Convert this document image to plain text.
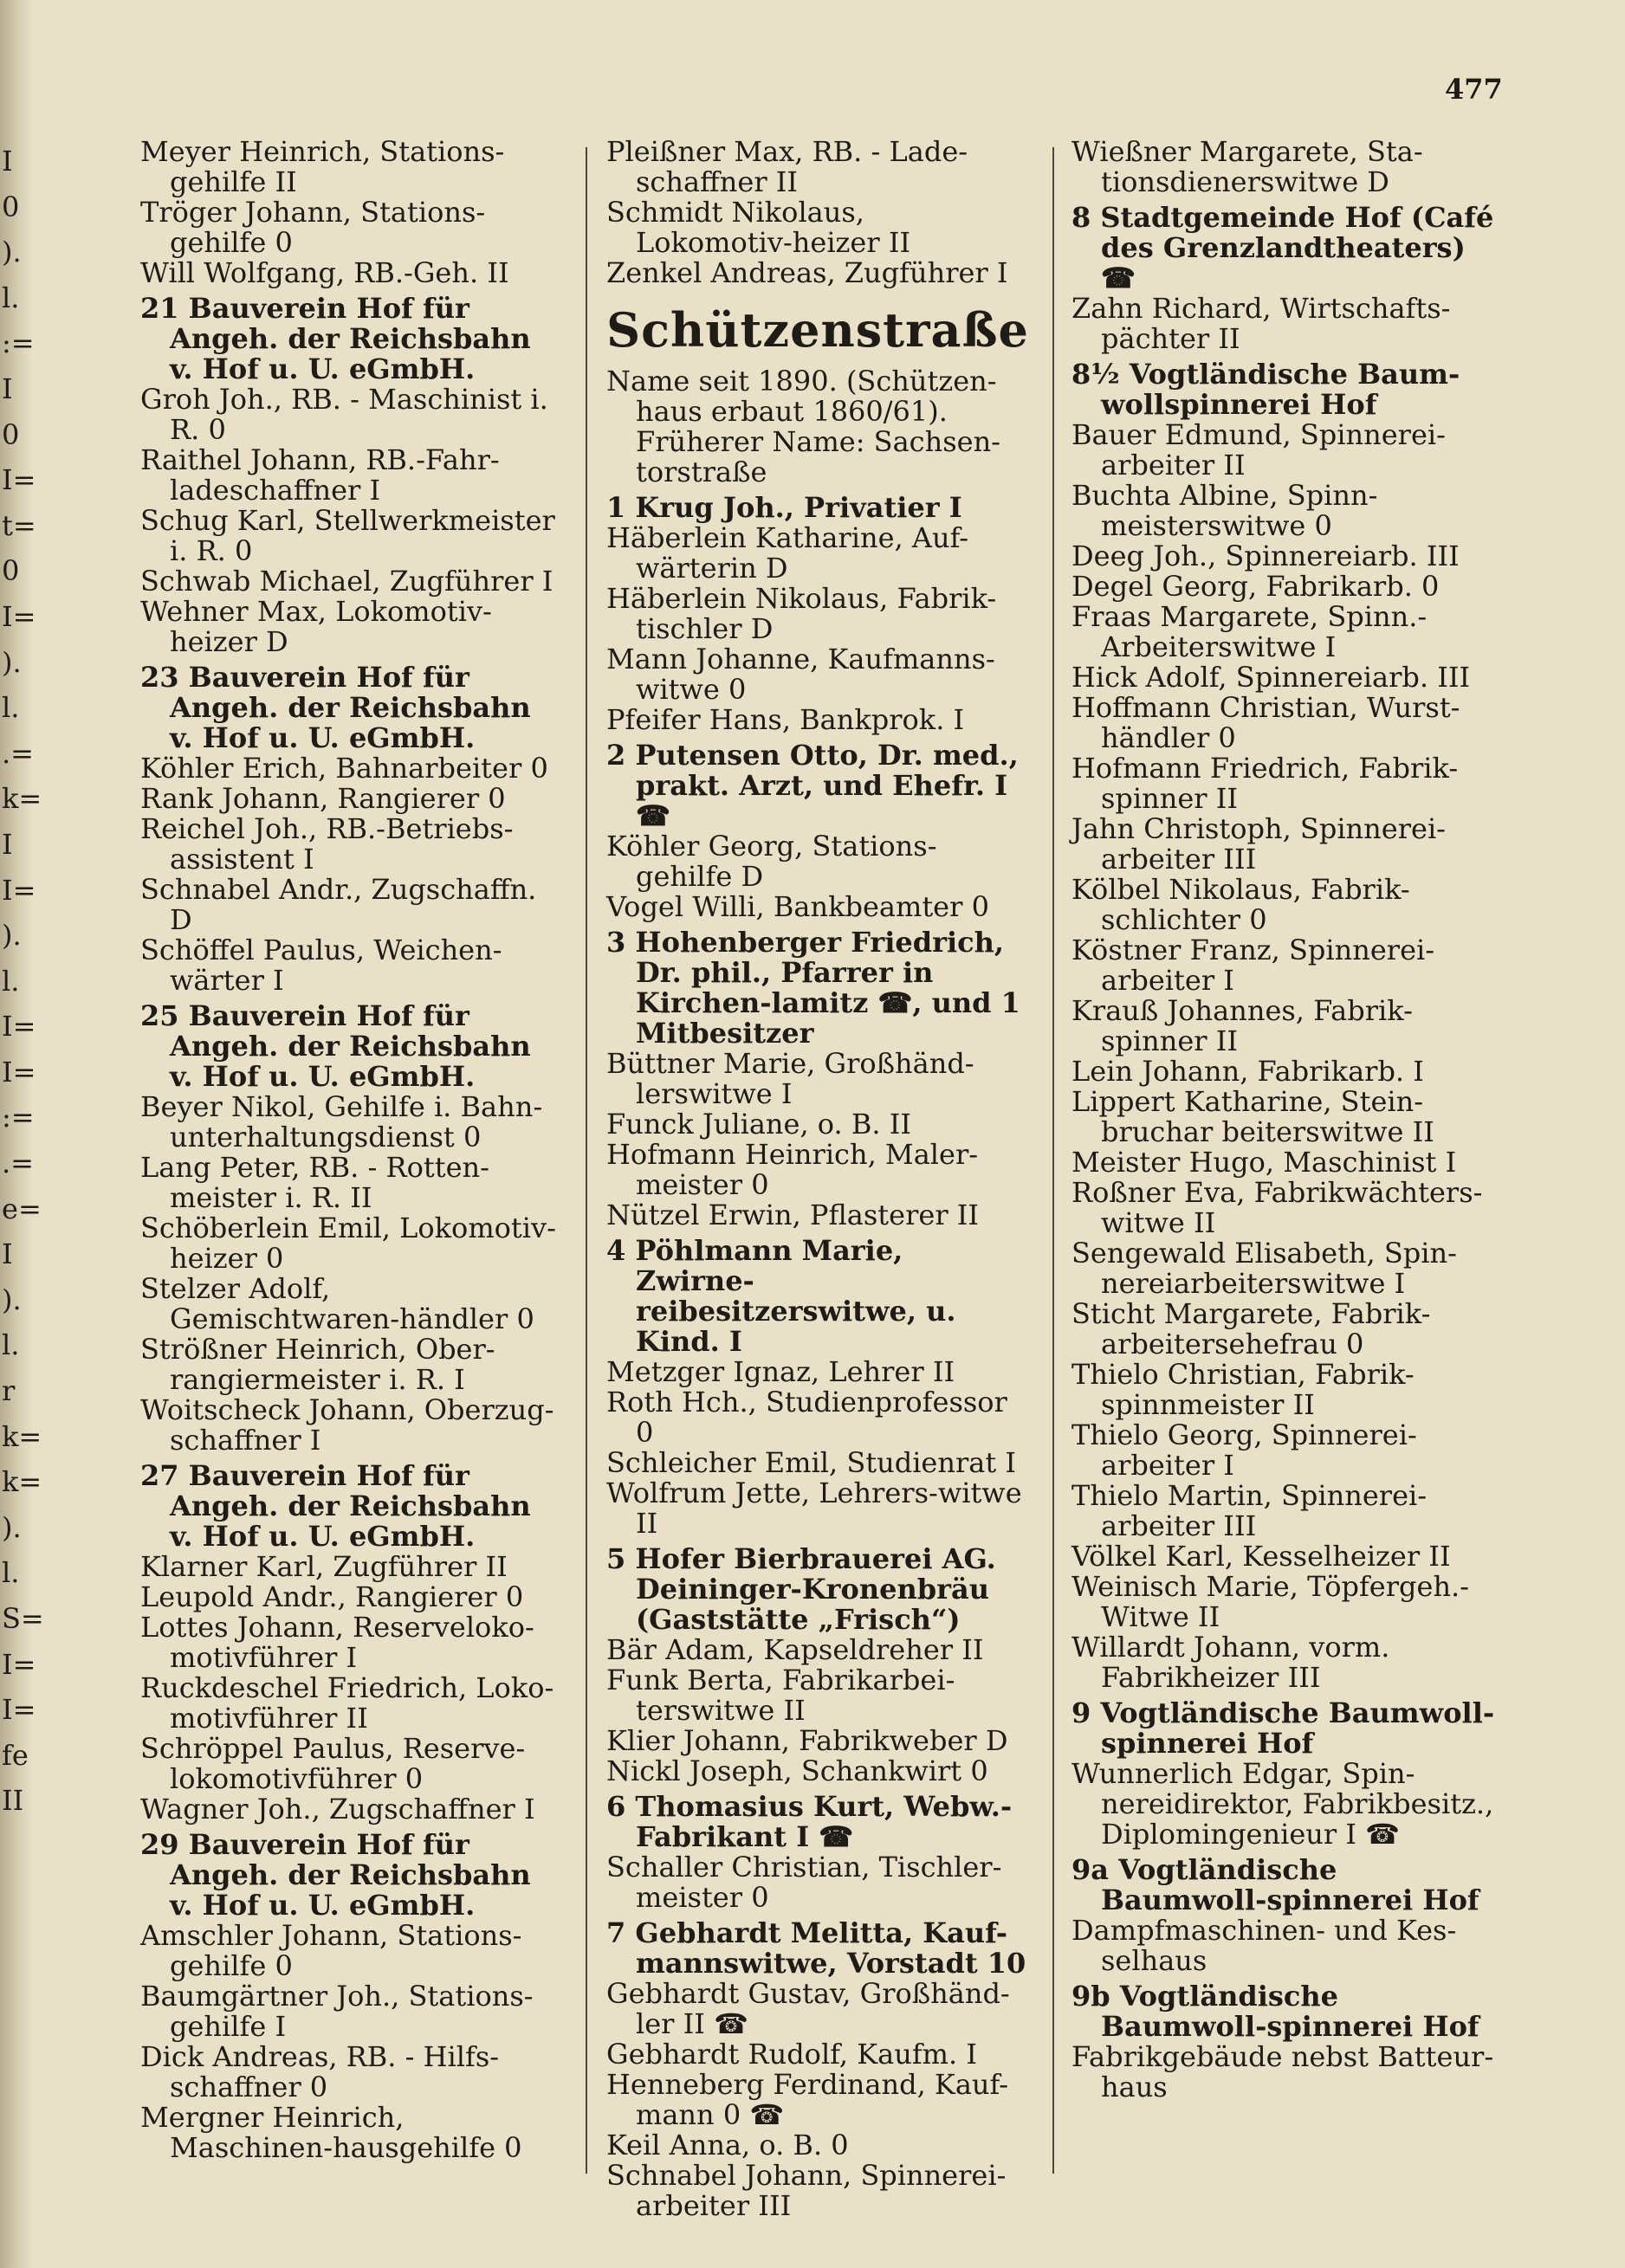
I
0
).
l.
:=
I
0
I=
t=
0
I=
).
l.
.=
k=
I
I=
).
l.
I=
I=
:=
.=
e=
I
).
l.
r
k=
k=
).
l.
S=
I=
I=
fe
II
477
Meyer Heinrich, Stations-gehilfe II
Tröger Johann, Stations-gehilfe 0
Will Wolfgang, RB.-Geh. II
21 Bauverein Hof für Angeh. der Reichsbahn v. Hof u. U. eGmbH.
Groh Joh., RB. - Maschinist i. R. 0
Raithel Johann, RB.-Fahr-ladeschaffner I
Schug Karl, Stellwerkmeister i. R. 0
Schwab Michael, Zugführer I
Wehner Max, Lokomotiv-heizer D
23 Bauverein Hof für Angeh. der Reichsbahn v. Hof u. U. eGmbH.
Köhler Erich, Bahnarbeiter 0
Rank Johann, Rangierer 0
Reichel Joh., RB.-Betriebs-assistent I
Schnabel Andr., Zugschaffn. D
Schöffel Paulus, Weichen-wärter I
25 Bauverein Hof für Angeh. der Reichsbahn v. Hof u. U. eGmbH.
Beyer Nikol, Gehilfe i. Bahn-unterhaltungsdienst 0
Lang Peter, RB. - Rotten-meister i. R. II
Schöberlein Emil, Lokomotiv-heizer 0
Stelzer Adolf, Gemischtwaren-händler 0
Strößner Heinrich, Ober-rangiermeister i. R. I
Woitscheck Johann, Oberzug-schaffner I
27 Bauverein Hof für Angeh. der Reichsbahn v. Hof u. U. eGmbH.
Klarner Karl, Zugführer II
Leupold Andr., Rangierer 0
Lottes Johann, Reservelokо-motivführer I
Ruckdeschel Friedrich, Loko-motivführer II
Schröppel Paulus, Reserve-lokomotivführer 0
Wagner Joh., Zugschaffner I
29 Bauverein Hof für Angeh. der Reichsbahn v. Hof u. U. eGmbH.
Amschler Johann, Stations-gehilfe 0
Baumgärtner Joh., Stations-gehilfe I
Dick Andreas, RB. - Hilfs-schaffner 0
Mergner Heinrich, Maschinen-hausgehilfe 0
Pleißner Max, RB. - Lade-schaffner II
Schmidt Nikolaus, Lokomotiv-heizer II
Zenkel Andreas, Zugführer I
Schützenstraße
Name seit 1890. (Schützen-haus erbaut 1860/61). Früherer Name: Sachsen-torstraße
1 Krug Joh., Privatier I
Häberlein Katharine, Auf-wärterin D
Häberlein Nikolaus, Fabrik-tischler D
Mann Johanne, Kaufmanns-witwe 0
Pfeifer Hans, Bankprok. I
2 Putensen Otto, Dr. med., prakt. Arzt, und Ehefr. I ☎
Köhler Georg, Stations-gehilfe D
Vogel Willi, Bankbeamter 0
3 Hohenberger Friedrich, Dr. phil., Pfarrer in Kirchen-lamitz ☎, und 1 Mitbesitzer
Büttner Marie, Großhänd-lerswitwe I
Funck Juliane, o. B. II
Hofmann Heinrich, Maler-meister 0
Nützel Erwin, Pflasterer II
4 Pöhlmann Marie, Zwirne-reibesitzerswitwe, u. Kind. I
Metzger Ignaz, Lehrer II
Roth Hch., Studienprofessor 0
Schleicher Emil, Studienrat I
Wolfrum Jette, Lehrers-witwe II
5 Hofer Bierbrauerei AG. Deininger-Kronenbräu (Gaststätte „Frisch“)
Bär Adam, Kapseldreher II
Funk Berta, Fabrikarbei-terswitwe II
Klier Johann, Fabrikweber D
Nickl Joseph, Schankwirt 0
6 Thomasius Kurt, Webw.-Fabrikant I ☎
Schaller Christian, Tischler-meister 0
7 Gebhardt Melitta, Kauf-mannswitwe, Vorstadt 10
Gebhardt Gustav, Großhänd-ler II ☎
Gebhardt Rudolf, Kaufm. I
Henneberg Ferdinand, Kauf-mann 0 ☎
Keil Anna, o. B. 0
Schnabel Johann, Spinnerei-arbeiter III
Wießner Margarete, Sta-tionsdienerswitwe D
8 Stadtgemeinde Hof (Café des Grenzlandtheaters) ☎
Zahn Richard, Wirtschafts-pächter II
8½ Vogtländische Baum-wollspinnerei Hof
Bauer Edmund, Spinnerei-arbeiter II
Buchta Albine, Spinn-meisterswitwe 0
Deeg Joh., Spinnereiarb. III
Degel Georg, Fabrikarb. 0
Fraas Margarete, Spinn.-Arbeiterswitwe I
Hick Adolf, Spinnereiarb. III
Hoffmann Christian, Wurst-händler 0
Hofmann Friedrich, Fabrik-spinner II
Jahn Christoph, Spinnerei-arbeiter III
Kölbel Nikolaus, Fabrik-schlichter 0
Köstner Franz, Spinnerei-arbeiter I
Krauß Johannes, Fabrik-spinner II
Lein Johann, Fabrikarb. I
Lippert Katharine, Stein-bruchar beiterswitwe II
Meister Hugo, Maschinist I
Roßner Eva, Fabrikwächters-witwe II
Sengewald Elisabeth, Spin-nereiarbeiterswitwe I
Sticht Margarete, Fabrik-arbeitersehefrau 0
Thielo Christian, Fabrik-spinnmeister II
Thielo Georg, Spinnerei-arbeiter I
Thielo Martin, Spinnerei-arbeiter III
Völkel Karl, Kesselheizer II
Weinisch Marie, Töpfergeh.-Witwe II
Willardt Johann, vorm. Fabrikheizer III
9 Vogtländische Baumwoll-spinnerei Hof
Wunnerlich Edgar, Spin-nereidirektor, Fabrikbesitz., Diplomingenieur I ☎
9a Vogtländische Baumwoll-spinnerei Hof
Dampfmaschinen- und Kes-selhaus
9b Vogtländische Baumwoll-spinnerei Hof
Fabrikgebäude nebst Batteur-haus
